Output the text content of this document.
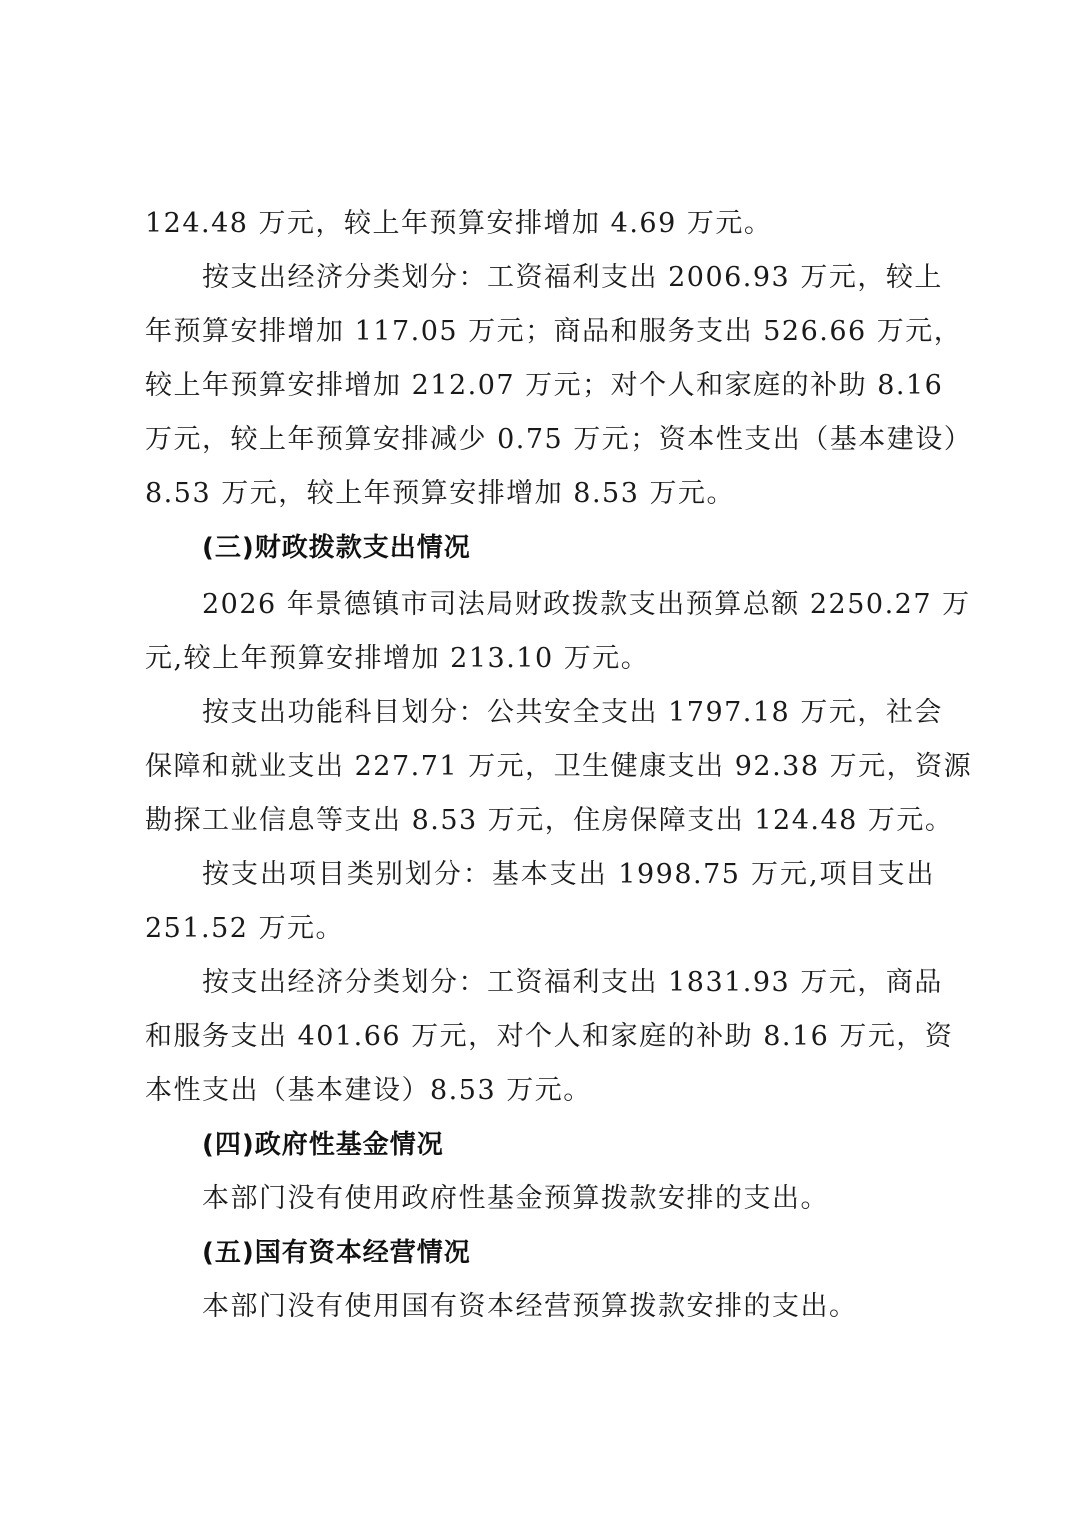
124.48 万元，较上年预算安排增加 4.69 万元。
按支出经济分类划分：工资福利支出 2006.93 万元，较上
年预算安排增加 117.05 万元；商品和服务支出 526.66 万元，
较上年预算安排增加 212.07 万元；对个人和家庭的补助 8.16
万元，较上年预算安排减少 0.75 万元；资本性支出（基本建设）
8.53 万元，较上年预算安排增加 8.53 万元。
(三)财政拨款支出情况
2026 年景德镇市司法局财政拨款支出预算总额 2250.27 万
元,较上年预算安排增加 213.10 万元。
按支出功能科目划分：公共安全支出 1797.18 万元，社会
保障和就业支出 227.71 万元，卫生健康支出 92.38 万元，资源
勘探工业信息等支出 8.53 万元，住房保障支出 124.48 万元。
按支出项目类别划分：基本支出 1998.75 万元,项目支出
251.52 万元。
按支出经济分类划分：工资福利支出 1831.93 万元，商品
和服务支出 401.66 万元，对个人和家庭的补助 8.16 万元，资
本性支出（基本建设）8.53 万元。
(四)政府性基金情况
本部门没有使用政府性基金预算拨款安排的支出。
(五)国有资本经营情况
本部门没有使用国有资本经营预算拨款安排的支出。
